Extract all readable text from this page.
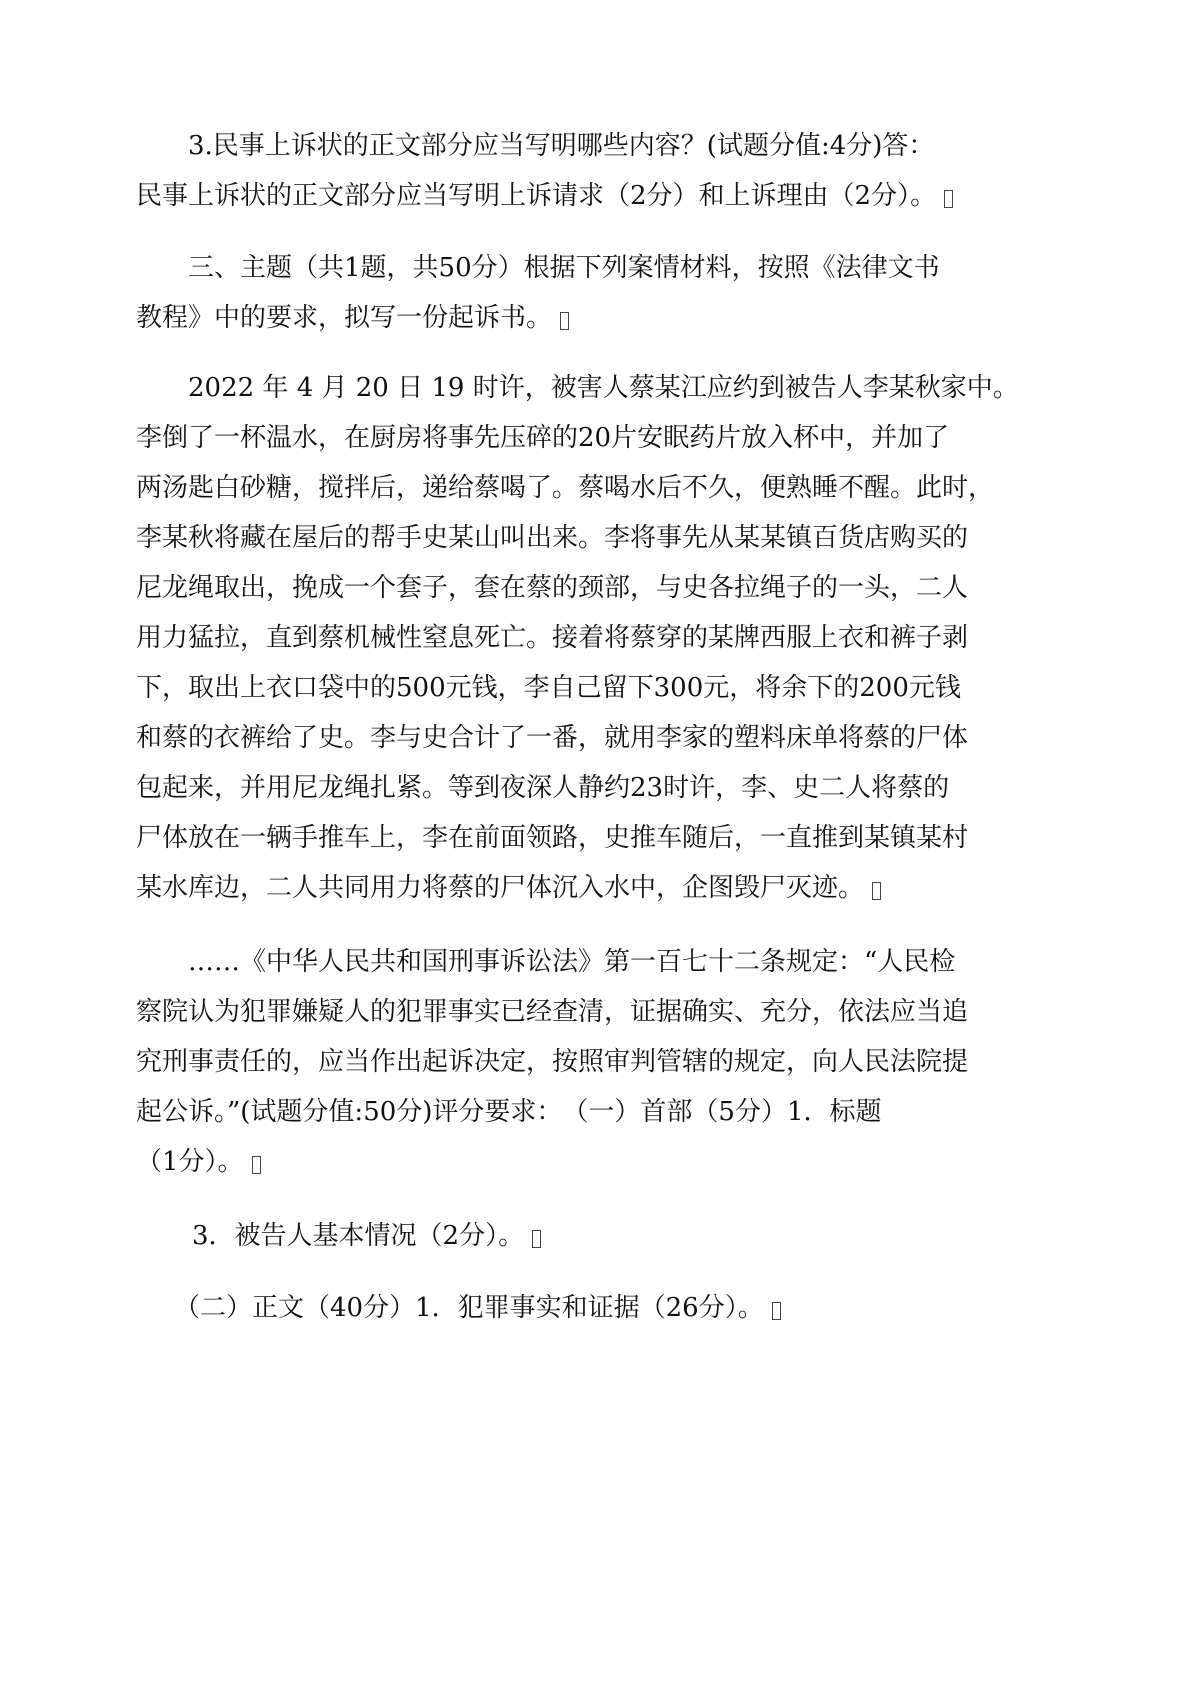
3.民事上诉状的正文部分应当写明哪些内容？(试题分值:4分)答：
民事上诉状的正文部分应当写明上诉请求（2分）和上诉理由（2分）。
三、主题（共1题，共50分）根据下列案情材料，按照《法律文书
教程》中的要求，拟写一份起诉书。
2022 年 4 月 20 日 19 时许，被害人蔡某江应约到被告人李某秋家中。
李倒了一杯温水，在厨房将事先压碎的20片安眠药片放入杯中，并加了
两汤匙白砂糖，搅拌后，递给蔡喝了。蔡喝水后不久，便熟睡不醒。此时，
李某秋将藏在屋后的帮手史某山叫出来。李将事先从某某镇百货店购买的
尼龙绳取出，挽成一个套子，套在蔡的颈部，与史各拉绳子的一头，二人
用力猛拉，直到蔡机械性窒息死亡。接着将蔡穿的某牌西服上衣和裤子剥
下，取出上衣口袋中的500元钱，李自己留下300元，将余下的200元钱
和蔡的衣裤给了史。李与史合计了一番，就用李家的塑料床单将蔡的尸体
包起来，并用尼龙绳扎紧。等到夜深人静约23时许，李、史二人将蔡的
尸体放在一辆手推车上，李在前面领路，史推车随后，一直推到某镇某村
某水库边，二人共同用力将蔡的尸体沉入水中，企图毁尸灭迹。
……《中华人民共和国刑事诉讼法》第一百七十二条规定：“人民检
察院认为犯罪嫌疑人的犯罪事实已经查清，证据确实、充分，依法应当追
究刑事责任的，应当作出起诉决定，按照审判管辖的规定，向人民法院提
起公诉。”(试题分值:50分)评分要求：　（一）首部（5分）1．标题
（1分）。
3．被告人基本情况（2分）。
（二）正文（40分）1．犯罪事实和证据（26分）。
